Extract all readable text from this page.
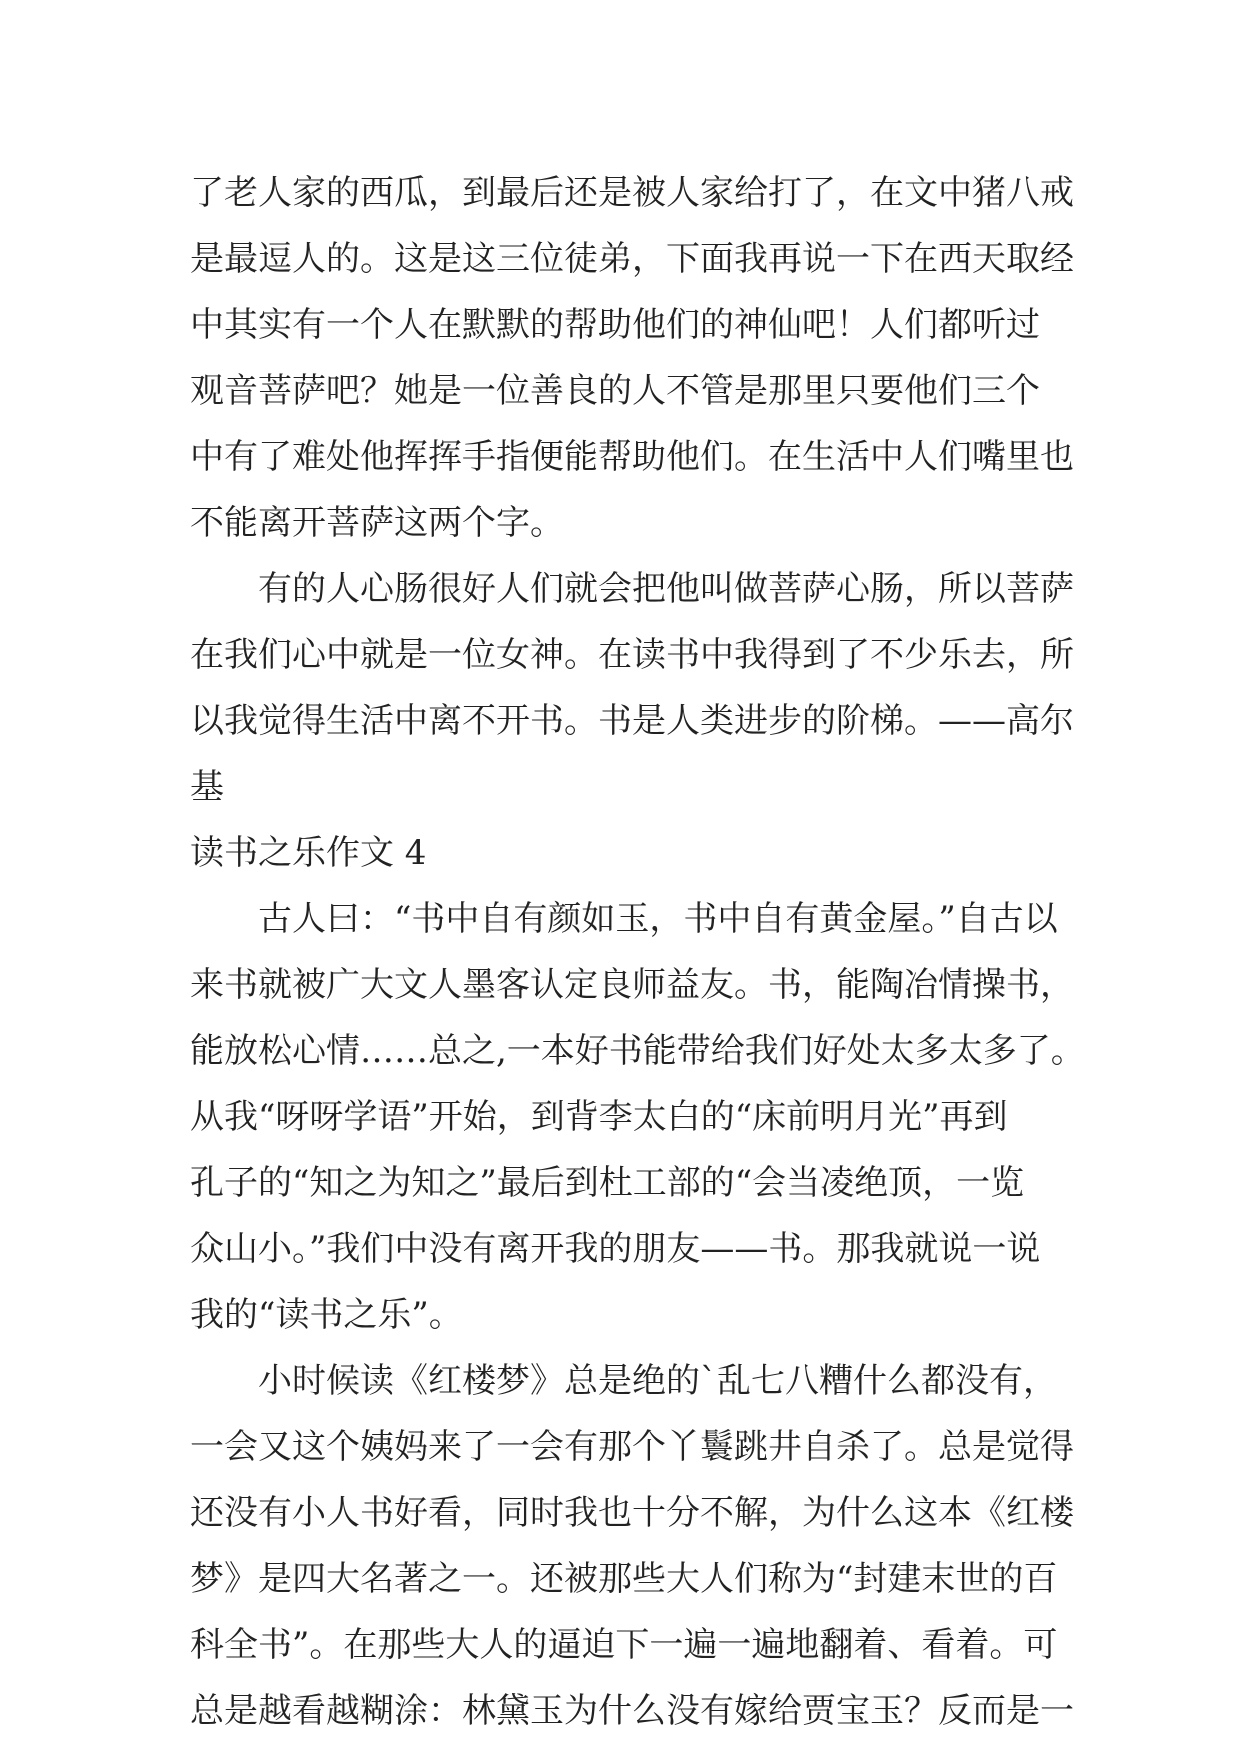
了老人家的西瓜，到最后还是被人家给打了，在文中猪八戒
是最逗人的。这是这三位徒弟，下面我再说一下在西天取经
中其实有一个人在默默的帮助他们的神仙吧！人们都听过
观音菩萨吧？她是一位善良的人不管是那里只要他们三个
中有了难处他挥挥手指便能帮助他们。在生活中人们嘴里也
不能离开菩萨这两个字。
有的人心肠很好人们就会把他叫做菩萨心肠，所以菩萨
在我们心中就是一位女神。在读书中我得到了不少乐去，所
以我觉得生活中离不开书。书是人类进步的阶梯。——高尔
基
读书之乐作文 4
古人曰：“书中自有颜如玉，书中自有黄金屋。”自古以
来书就被广大文人墨客认定良师益友。书，能陶冶情操书，
能放松心情……总之,一本好书能带给我们好处太多太多了。
从我“呀呀学语”开始，到背李太白的“床前明月光”再到
孔子的“知之为知之”最后到杜工部的“会当凌绝顶，一览
众山小。”我们中没有离开我的朋友——书。那我就说一说
我的“读书之乐”。
小时候读《红楼梦》总是绝的`乱七八糟什么都没有，
一会又这个姨妈来了一会有那个丫鬟跳井自杀了。总是觉得
还没有小人书好看，同时我也十分不解，为什么这本《红楼
梦》是四大名著之一。还被那些大人们称为“封建末世的百
科全书”。在那些大人的逼迫下一遍一遍地翻着、看着。可
总是越看越糊涂：林黛玉为什么没有嫁给贾宝玉？反而是一
